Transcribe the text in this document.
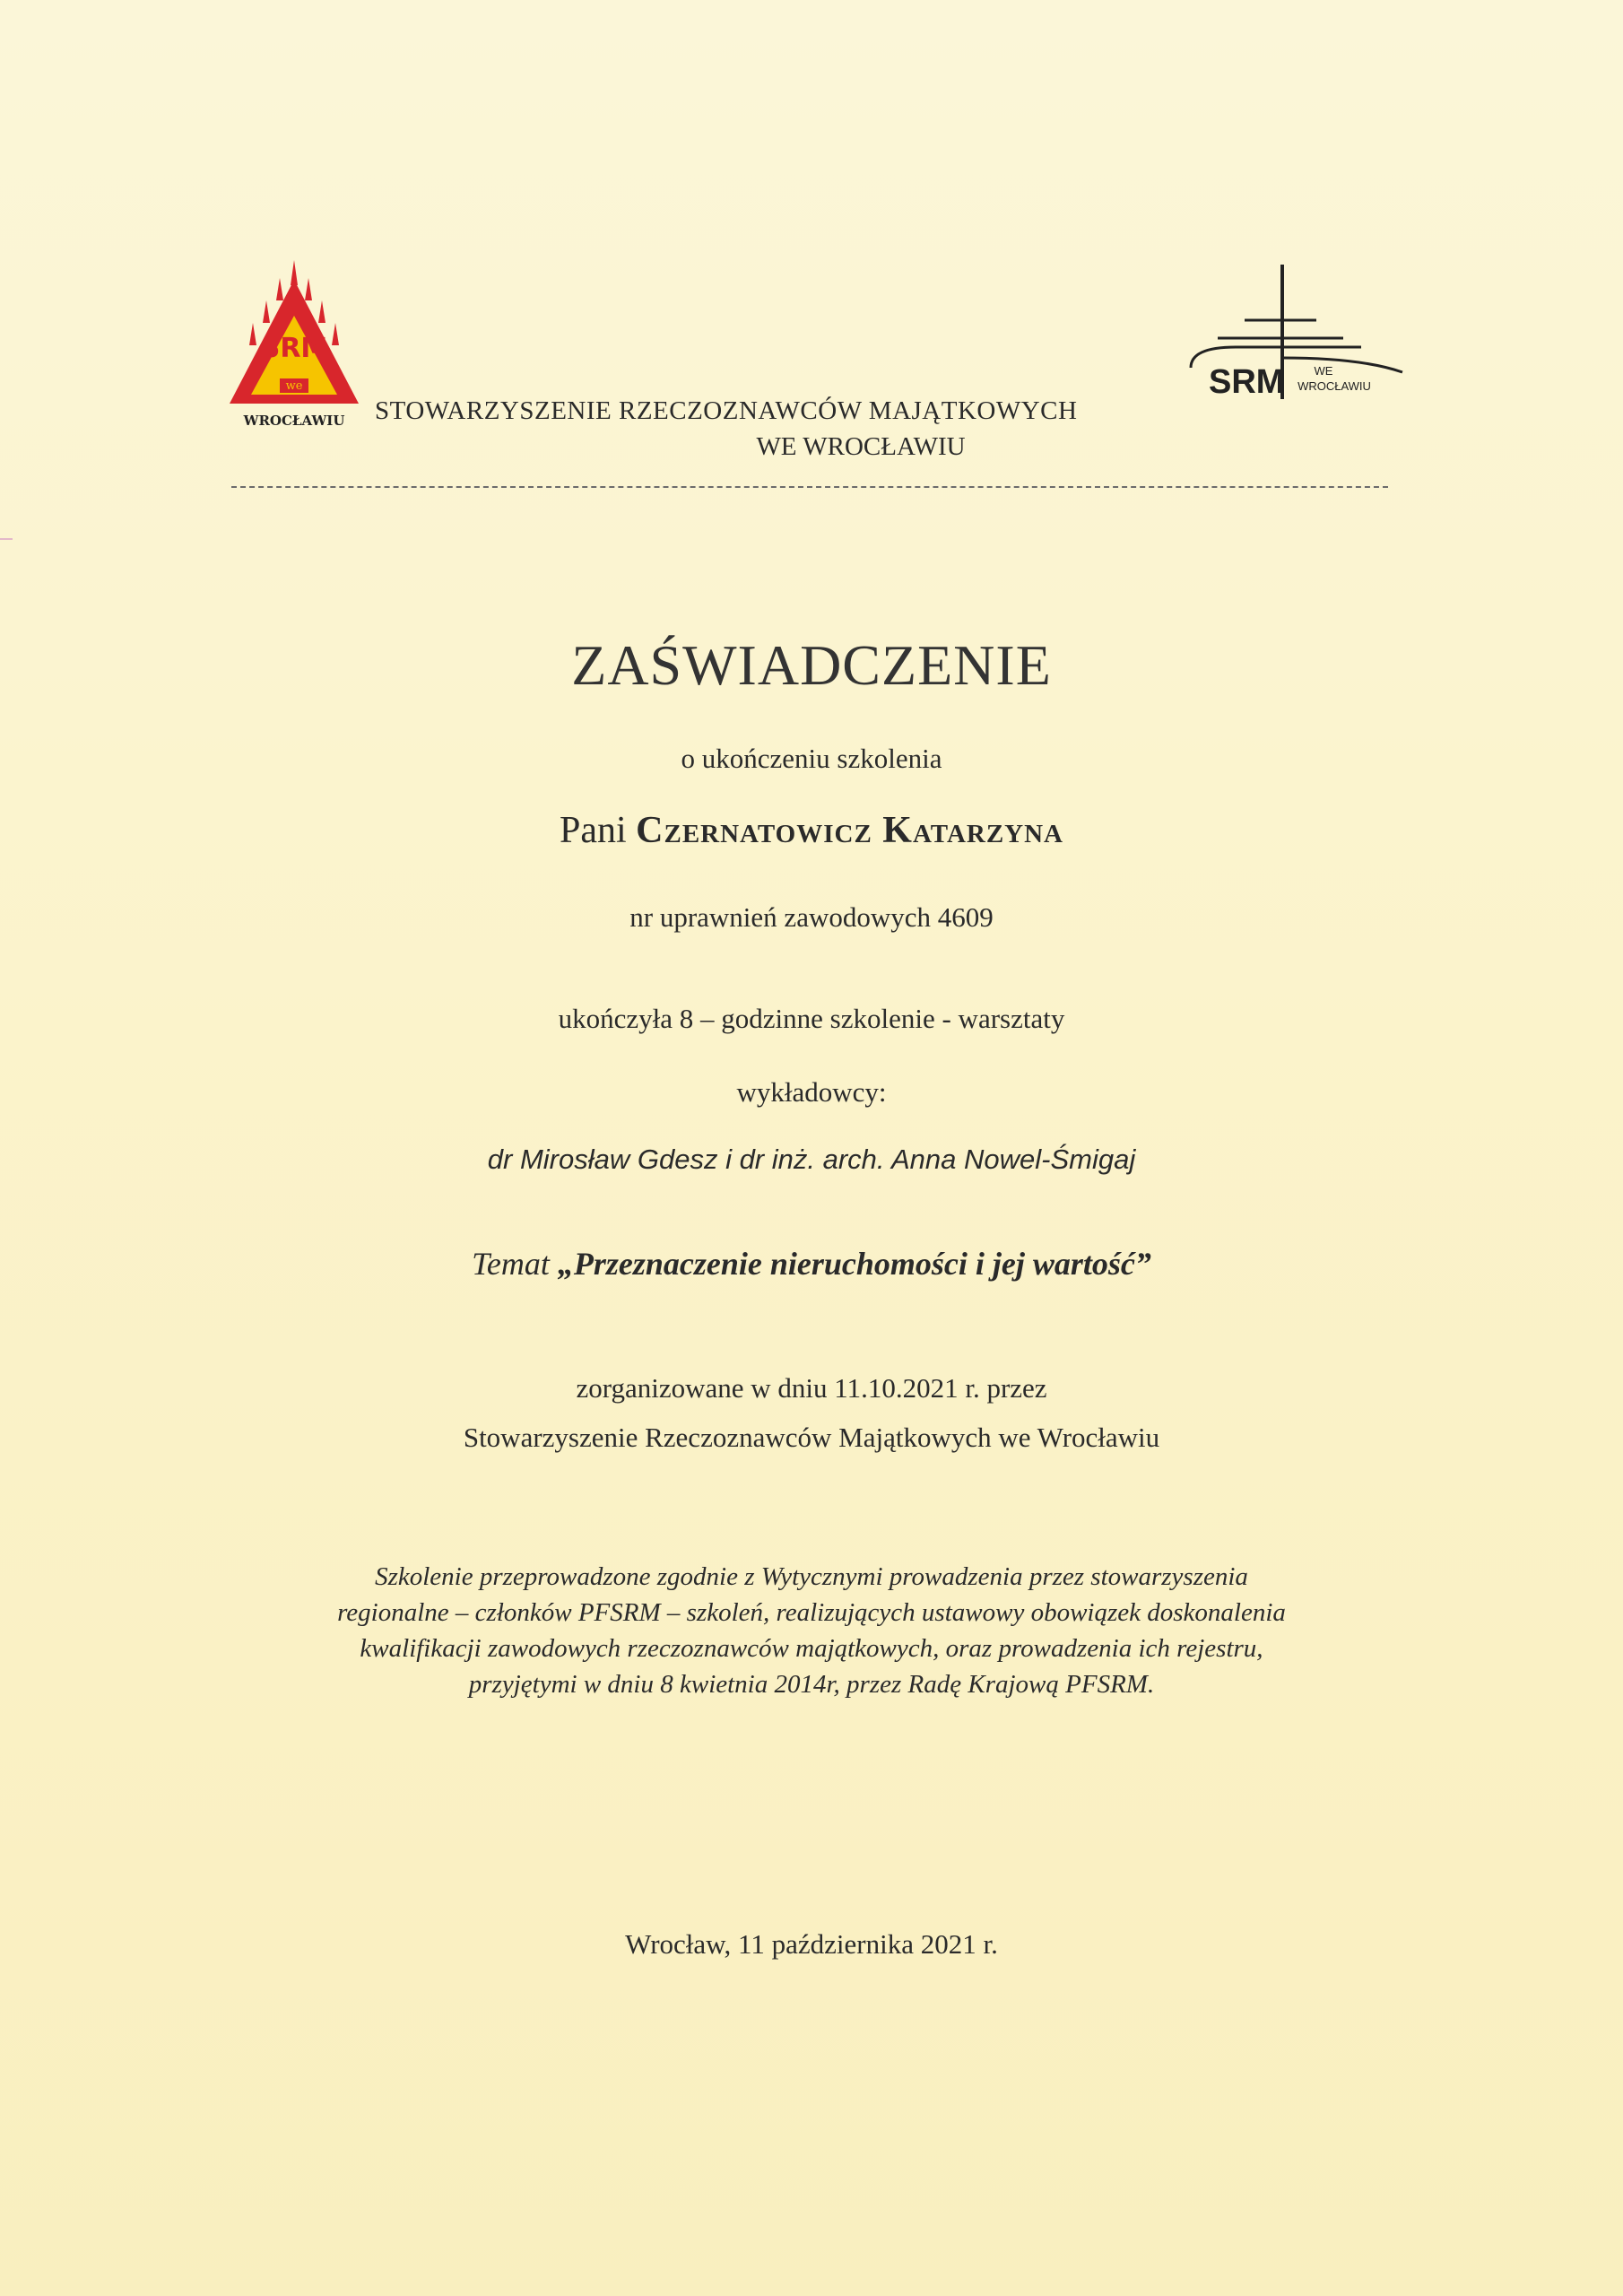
SRM
we
WROCŁAWIU
SRM	WE
WROCŁAWIU
STOWARZYSZENIE RZECZOZNAWCÓW MAJĄTKOWYCH
WE WROCŁAWIU
ZAŚWIADCZENIE
o ukończeniu szkolenia
Pani Czernatowicz Katarzyna
nr uprawnień zawodowych 4609
ukończyła 8 – godzinne szkolenie - warsztaty
wykładowcy:
dr Mirosław Gdesz i dr inż. arch. Anna Nowel-Śmigaj
Temat „Przeznaczenie nieruchomości i jej wartość”
zorganizowane w dniu 11.10.2021 r. przez
Stowarzyszenie Rzeczoznawców Majątkowych we Wrocławiu
Szkolenie przeprowadzone zgodnie z Wytycznymi prowadzenia przez stowarzyszenia
regionalne – członków PFSRM – szkoleń, realizujących ustawowy obowiązek doskonalenia
kwalifikacji zawodowych rzeczoznawców majątkowych, oraz prowadzenia ich rejestru,
przyjętymi w dniu 8 kwietnia 2014r, przez Radę Krajową PFSRM.
Wrocław, 11 października 2021 r.
